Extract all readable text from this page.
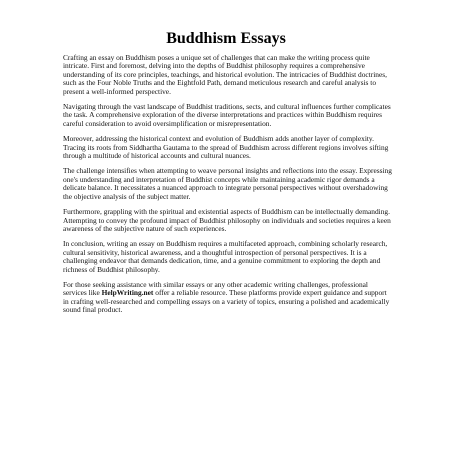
Buddhism Essays

Crafting an essay on Buddhism poses a unique set of challenges that can make the writing process quite intricate. First and foremost, delving into the depths of Buddhist philosophy requires a comprehensive understanding of its core principles, teachings, and historical evolution. The intricacies of Buddhist doctrines, such as the Four Noble Truths and the Eightfold Path, demand meticulous research and careful analysis to present a well-informed perspective.

Navigating through the vast landscape of Buddhist traditions, sects, and cultural influences further complicates the task. A comprehensive exploration of the diverse interpretations and practices within Buddhism requires careful consideration to avoid oversimplification or misrepresentation.

Moreover, addressing the historical context and evolution of Buddhism adds another layer of complexity. Tracing its roots from Siddhartha Gautama to the spread of Buddhism across different regions involves sifting through a multitude of historical accounts and cultural nuances.

The challenge intensifies when attempting to weave personal insights and reflections into the essay. Expressing one's understanding and interpretation of Buddhist concepts while maintaining academic rigor demands a delicate balance. It necessitates a nuanced approach to integrate personal perspectives without overshadowing the objective analysis of the subject matter.

Furthermore, grappling with the spiritual and existential aspects of Buddhism can be intellectually demanding. Attempting to convey the profound impact of Buddhist philosophy on individuals and societies requires a keen awareness of the subjective nature of such experiences.

In conclusion, writing an essay on Buddhism requires a multifaceted approach, combining scholarly research, cultural sensitivity, historical awareness, and a thoughtful introspection of personal perspectives. It is a challenging endeavor that demands dedication, time, and a genuine commitment to exploring the depth and richness of Buddhist philosophy.

For those seeking assistance with similar essays or any other academic writing challenges, professional services like HelpWriting.net offer a reliable resource. These platforms provide expert guidance and support in crafting well-researched and compelling essays on a variety of topics, ensuring a polished and academically sound final product.
